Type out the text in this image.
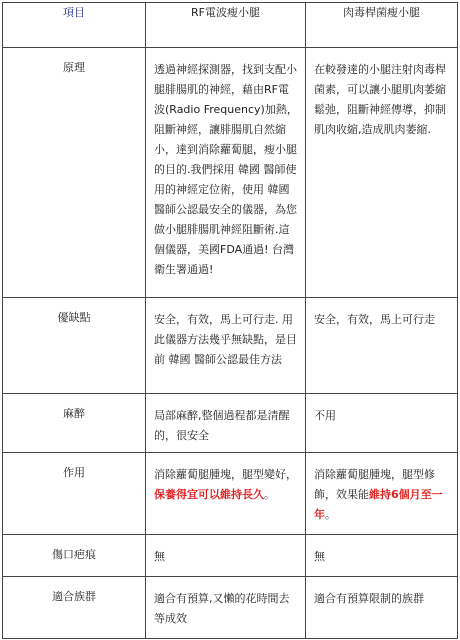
項目	RF電波瘦小腿	肉毒桿菌瘦小腿
原理	透過神經探測器，找到支配小腿腓腸肌的神經，藉由RF電波(Radio Frequency)加熱，阻斷神經，讓腓腸肌自然縮小，達到消除蘿蔔腿，瘦小腿的目的.我們採用 韓國 醫師使用的神經定位術，使用 韓國 醫師公認最安全的儀器，為您做小腿腓腸肌神經阻斷術.這個儀器，美國FDA通過! 台灣衛生署通過!	在較發達的小腿注射肉毒桿菌素，可以讓小腿肌肉萎縮鬆弛，阻斷神經傳導，抑制肌肉收縮,造成肌肉萎縮.
優缺點	安全，有效，馬上可行走. 用此儀器方法幾乎無缺點，是目前 韓國 醫師公認最佳方法	安全，有效，馬上可行走
麻醉	局部麻醉,整個過程都是清醒的，很安全	不用
作用	消除蘿蔔腿腫塊，腿型變好，保養得宜可以維持長久。	消除蘿蔔腿腫塊，腿型修飾，效果能維持6個月至一年。
傷口疤痕	無	無
適合族群	適合有預算,又懶的花時間去等成效	適合有預算限制的族群
